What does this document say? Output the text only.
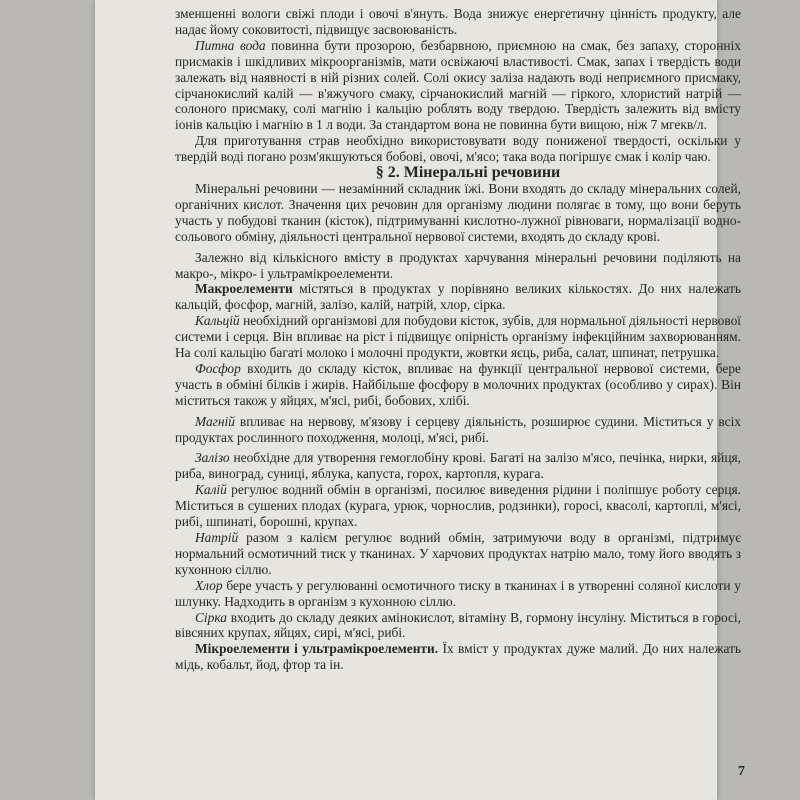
зменшенні вологи свіжі плоди і овочі в'януть. Вода знижує енергетичну цінність продукту, але надає йому соковитості, підвищує засвоюваність.

Питна вода повинна бути прозорою, безбарвною, приємною на смак, без запаху, сторонніх присмаків і шкідливих мікроорганізмів, мати освіжаючі властивості. Смак, запах і твердість води залежать від наявності в ній різних солей. Солі окису заліза надають воді неприємного присмаку, сірчанокислий калій — в'яжучого смаку, сірчанокислий магній — гіркого, хлористий натрій — солоного присмаку, солі магнію і кальцію роблять воду твердою. Твердість залежить від вмісту іонів кальцію і магнію в 1 л води. За стандартом вона не повинна бути вищою, ніж 7 мгекв/л.

Для приготування страв необхідно використовувати воду пониженої твердості, оскільки у твердій воді погано розм'якшуються бобові, овочі, м'ясо; така вода погіршує смак і колір чаю.

§ 2. Мінеральні речовини

Мінеральні речовини — незамінний складник їжі. Вони входять до складу мінеральних солей, органічних кислот. Значення цих речовин для організму людини полягає в тому, що вони беруть участь у побудові тканин (кісток), підтримуванні кислотно-лужної рівноваги, нормалізації водно-сольового обміну, діяльності центральної нервової системи, входять до складу крові.

Залежно від кількісного вмісту в продуктах харчування мінеральні речовини поділяють на макро-, мікро- і ультрамікроелементи.

Макроелементи містяться в продуктах у порівняно великих кількостях. До них належать кальцій, фосфор, магній, залізо, калій, натрій, хлор, сірка.

Кальцій необхідний організмові для побудови кісток, зубів, для нормальної діяльності нервової системи і серця. Він впливає на ріст і підвищує опірність організму інфекційним захворюванням. На солі кальцію багаті молоко і молочні продукти, жовтки яєць, риба, салат, шпинат, петрушка.

Фосфор входить до складу кісток, впливає на функції центральної нервової системи, бере участь в обміні білків і жирів. Найбільше фосфору в молочних продуктах (особливо у сирах). Він міститься також у яйцях, м'ясі, рибі, бобових, хлібі.

Магній впливає на нервову, м'язову і серцеву діяльність, розширює судини. Міститься у всіх продуктах рослинного походження, молоці, м'ясі, рибі.

Залізо необхідне для утворення гемоглобіну крові. Багаті на залізо м'ясо, печінка, нирки, яйця, риба, виноград, суниці, яблука, капуста, горох, картопля, курага.

Калій регулює водний обмін в організмі, посилює виведення рідини і поліпшує роботу серця. Міститься в сушених плодах (курага, урюк, чорнослив, родзинки), горосі, квасолі, картоплі, м'ясі, рибі, шпинаті, борошні, крупах.

Натрій разом з калієм регулює водний обмін, затримуючи воду в організмі, підтримує нормальний осмотичний тиск у тканинах. У харчових продуктах натрію мало, тому його вводять з кухонною сіллю.

Хлор бере участь у регулюванні осмотичного тиску в тканинах і в утворенні соляної кислоти у шлунку. Надходить в організм з кухонною сіллю.

Сірка входить до складу деяких амінокислот, вітаміну В, гормону інсуліну. Міститься в горосі, вівсяних крупах, яйцях, сирі, м'ясі, рибі.

Мікроелементи і ультрамікроелементи. Їх вміст у продуктах дуже малий. До них належать мідь, кобальт, йод, фтор та ін.

7
